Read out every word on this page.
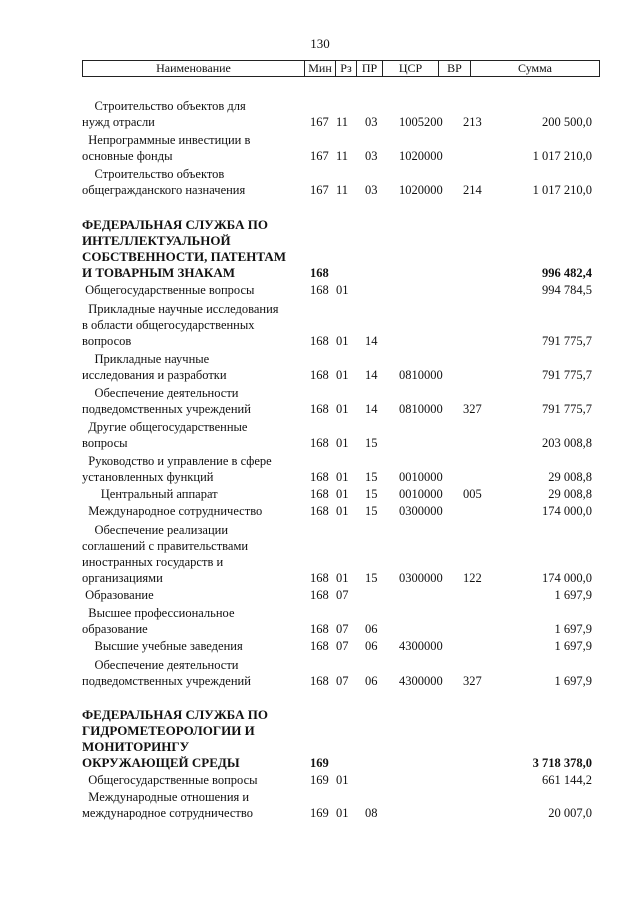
130
Наименование	Мин Рз ПР	ЦСР	ВР	Сумма
Строительство объектов для
нужд отрасли	167 11 03 1005200 213	200 500,0
Непрограммные инвестиции в
основные фонды	167 11 03 1020000	1 017 210,0
Строительство объектов
общегражданского назначения	167 11 03 1020000 214	1 017 210,0
ФЕДЕРАЛЬНАЯ СЛУЖБА ПО
ИНТЕЛЛЕКТУАЛЬНОЙ
СОБСТВЕННОСТИ, ПАТЕНТАМ
И ТОВАРНЫМ ЗНАКАМ	168	996 482,4
Общегосударственные вопросы	168 01	994 784,5
Прикладные научные исследования
в области общегосударственных
вопросов	168 01 14	791 775,7
Прикладные научные
исследования и разработки	168 01 14 0810000	791 775,7
Обеспечение деятельности
подведомственных учреждений	168 01 14 0810000 327	791 775,7
Другие общегосударственные
вопросы	168 01 15	203 008,8
Руководство и управление в сфере
установленных функций	168 01 15 0010000	29 008,8
Центральный аппарат	168 01 15 0010000 005	29 008,8
Международное сотрудничество	168 01 15 0300000	174 000,0
Обеспечение реализации
соглашений с правительствами
иностранных государств и
организациями	168 01 15 0300000 122	174 000,0
Образование	168 07	1 697,9
Высшее профессиональное
образование	168 07 06	1 697,9
Высшие учебные заведения	168 07 06 4300000	1 697,9
Обеспечение деятельности
подведомственных учреждений	168 07 06 4300000 327	1 697,9
ФЕДЕРАЛЬНАЯ СЛУЖБА ПО
ГИДРОМЕТЕОРОЛОГИИ И
МОНИТОРИНГУ
ОКРУЖАЮЩЕЙ СРЕДЫ	169	3 718 378,0
Общегосударственные вопросы	169 01	661 144,2
Международные отношения и
международное сотрудничество	169 01 08	20 007,0
